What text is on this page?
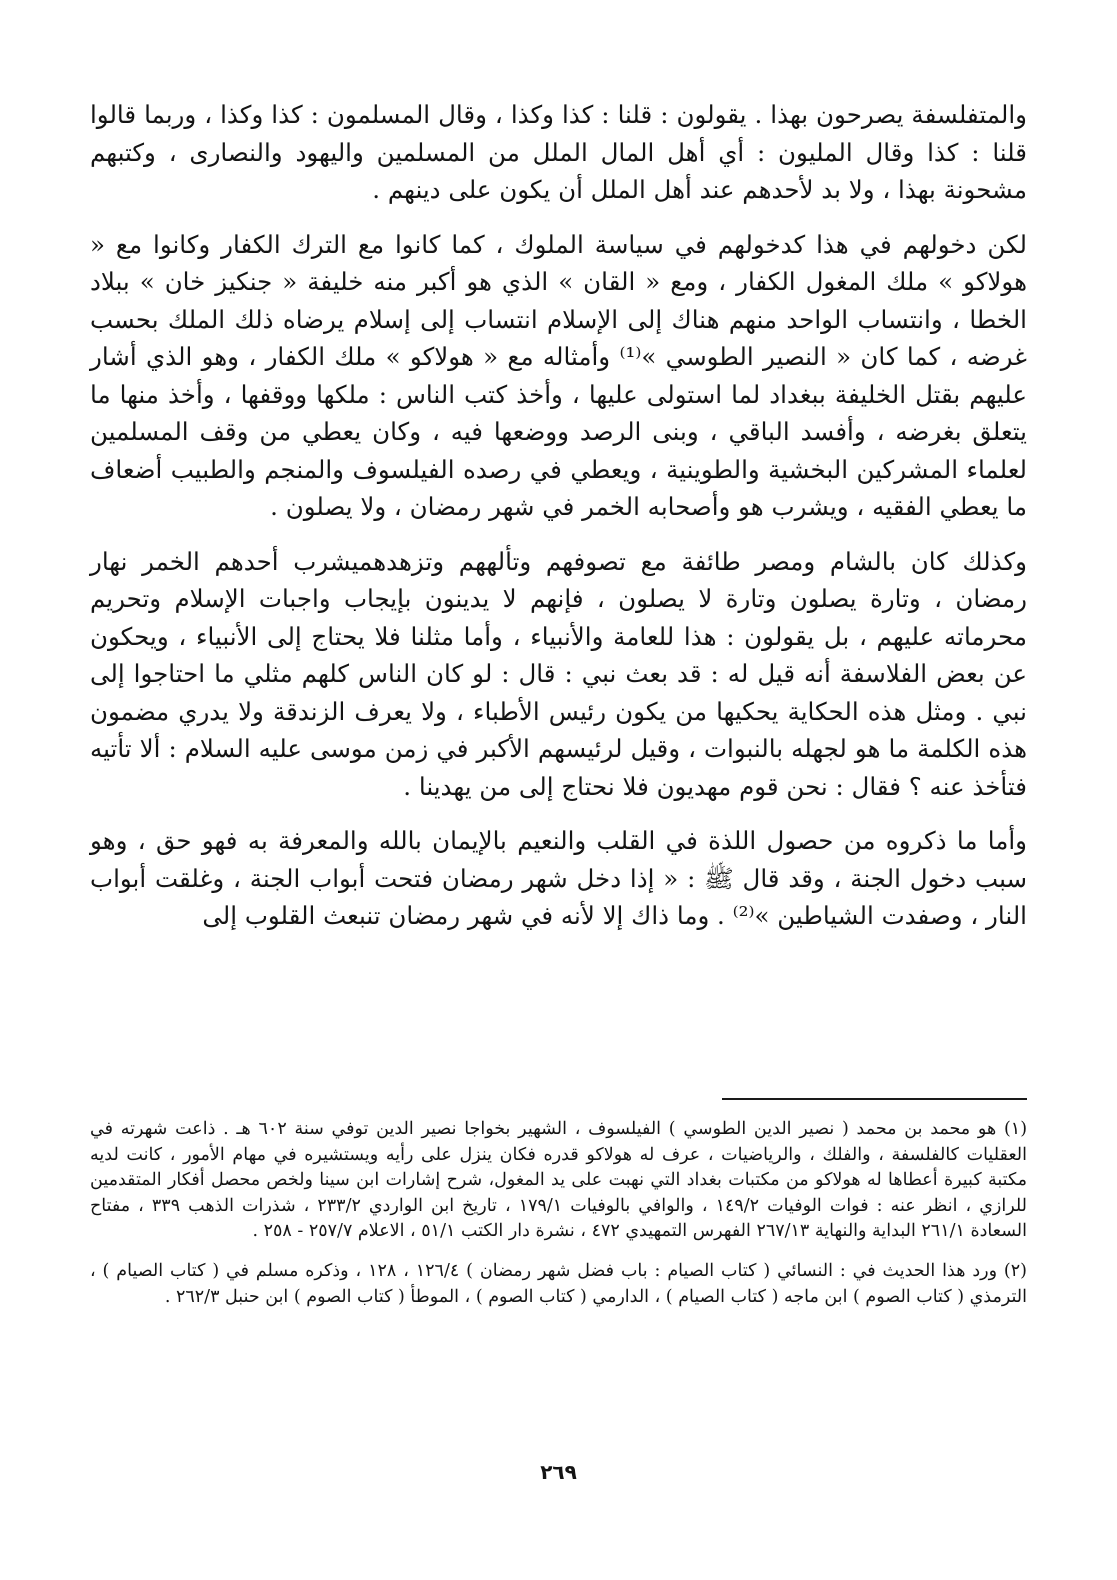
والمتفلسفة يصرحون بهذا . يقولون : قلنا : كذا وكذا ، وقال المسلمون : كذا وكذا ، وربما قالوا قلنا : كذا وقال المليون : أي أهل المال الملل من المسلمين واليهود والنصارى ، وكتبهم مشحونة بهذا ، ولا بد لأحدهم عند أهل الملل أن يكون على دينهم .

لكن دخولهم في هذا كدخولهم في سياسة الملوك ، كما كانوا مع الترك الكفار وكانوا مع « هولاكو » ملك المغول الكفار ، ومع « القان » الذي هو أكبر منه خليفة « جنكيز خان » ببلاد الخطا ، وانتساب الواحد منهم هناك إلى الإسلام انتساب إلى إسلام يرضاه ذلك الملك بحسب غرضه ، كما كان « النصير الطوسي »⁽¹⁾ وأمثاله مع « هولاكو » ملك الكفار ، وهو الذي أشار عليهم بقتل الخليفة ببغداد لما استولى عليها ، وأخذ كتب الناس : ملكها ووقفها ، وأخذ منها ما يتعلق بغرضه ، وأفسد الباقي ، وبنى الرصد ووضعها فيه ، وكان يعطي من وقف المسلمين لعلماء المشركين البخشية والطوينية ، ويعطي في رصده الفيلسوف والمنجم والطبيب أضعاف ما يعطي الفقيه ، ويشرب هو وأصحابه الخمر في شهر رمضان ، ولا يصلون .

وكذلك كان بالشام ومصر طائفة مع تصوفهم وتألههم وتزهدهميشرب أحدهم الخمر نهار رمضان ، وتارة يصلون وتارة لا يصلون ، فإنهم لا يدينون بإيجاب واجبات الإسلام وتحريم محرماته عليهم ، بل يقولون : هذا للعامة والأنبياء ، وأما مثلنا فلا يحتاج إلى الأنبياء ، ويحكون عن بعض الفلاسفة أنه قيل له : قد بعث نبي : قال : لو كان الناس كلهم مثلي ما احتاجوا إلى نبي . ومثل هذه الحكاية يحكيها من يكون رئيس الأطباء ، ولا يعرف الزندقة ولا يدري مضمون هذه الكلمة ما هو لجهله بالنبوات ، وقيل لرئيسهم الأكبر في زمن موسى عليه السلام : ألا تأتيه فتأخذ عنه ؟ فقال : نحن قوم مهديون فلا نحتاج إلى من يهدينا .

وأما ما ذكروه من حصول اللذة في القلب والنعيم بالإيمان بالله والمعرفة به فهو حق ، وهو سبب دخول الجنة ، وقد قال ﷺ : « إذا دخل شهر رمضان فتحت أبواب الجنة ، وغلقت أبواب النار ، وصفدت الشياطين »⁽²⁾ . وما ذاك إلا لأنه في شهر رمضان تنبعث القلوب إلى

(١) هو محمد بن محمد ( نصير الدين الطوسي ) الفيلسوف ، الشهير بخواجا نصير الدين توفي سنة ٦٠٢ هـ . ذاعت شهرته في العقليات كالفلسفة ، والفلك ، والرياضيات ، عرف له هولاكو قدره فكان ينزل على رأيه ويستشيره في مهام الأمور ، كانت لديه مكتبة كبيرة أعطاها له هولاكو من مكتبات بغداد التي نهبت على يد المغول، شرح إشارات ابن سينا ولخص محصل أفكار المتقدمين للرازي ، انظر عنه : فوات الوفيات ١٤٩/٢ ، والوافي بالوفيات ١٧٩/١ ، تاريخ ابن الواردي ٢٣٣/٢ ، شذرات الذهب ٣٣٩ ، مفتاح السعادة ٢٦١/١ البداية والنهاية ٢٦٧/١٣ الفهرس التمهيدي ٤٧٢ ، نشرة دار الكتب ٥١/١ ، الاعلام ٢٥٧/٧ - ٢٥٨ .

(٢) ورد هذا الحديث في : النسائي ( كتاب الصيام : باب فضل شهر رمضان ) ١٢٦/٤ ، ١٢٨ ، وذكره مسلم في ( كتاب الصيام ) ، الترمذي ( كتاب الصوم ) ابن ماجه ( كتاب الصيام ) ، الدارمي ( كتاب الصوم ) ، الموطأ ( كتاب الصوم ) ابن حنبل ٢٦٢/٣ .

٢٦٩
